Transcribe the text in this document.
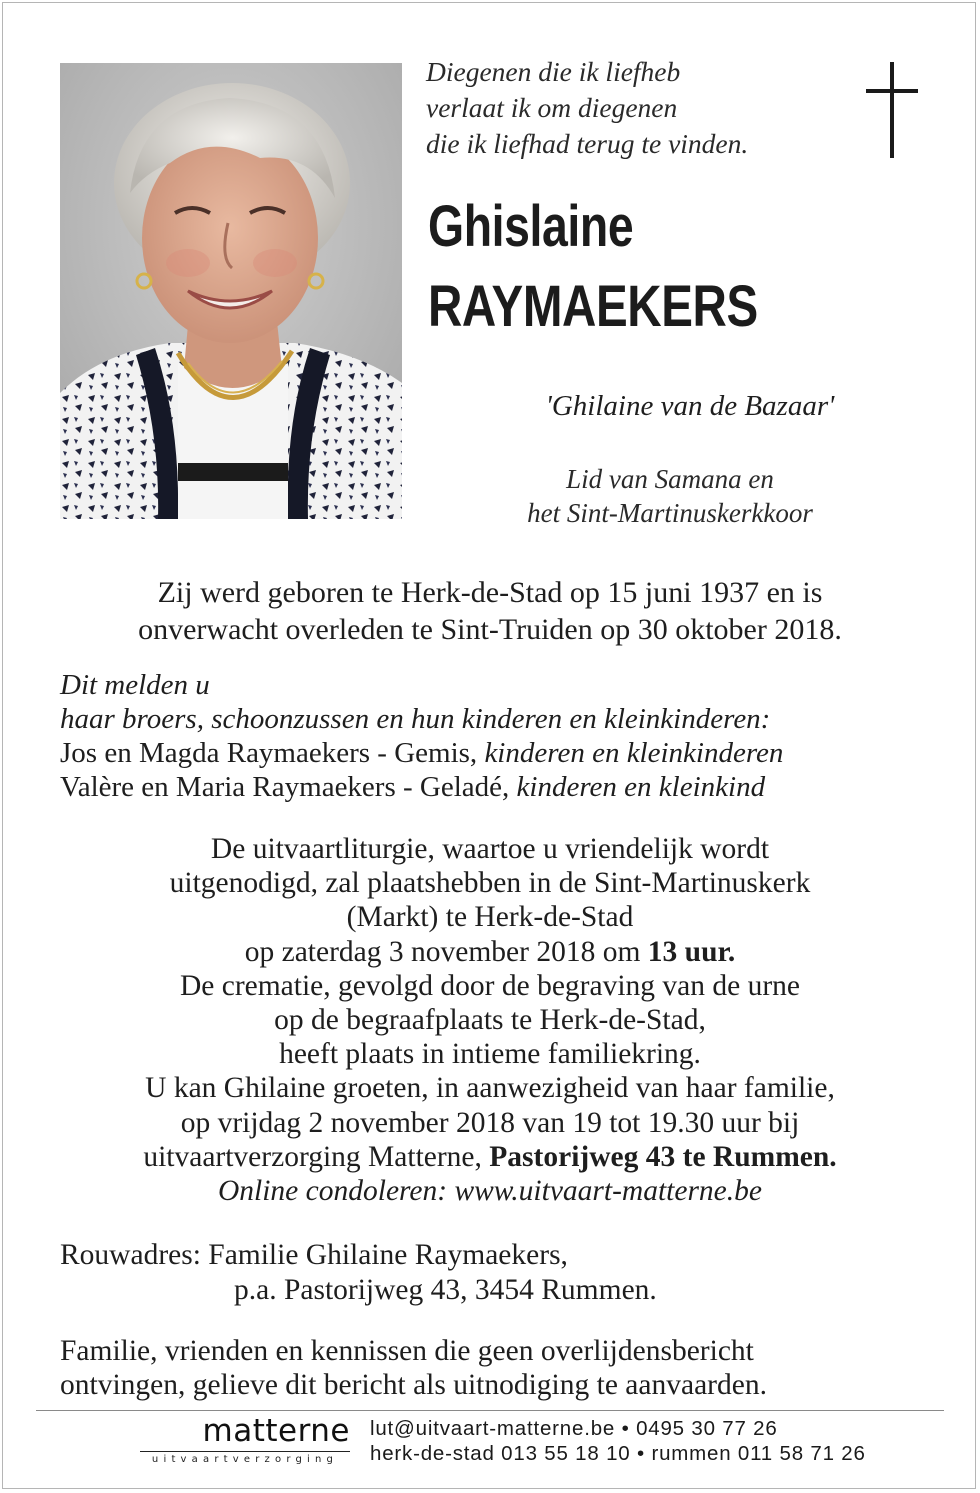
Diegenen die ik liefheb
verlaat ik om diegenen
die ik liefhad terug te vinden.
Ghislaine
RAYMAEKERS
'Ghilaine van de Bazaar'
Lid van Samana en
het Sint-Martinuskerkkoor
Zij werd geboren te Herk-de-Stad op 15 juni 1937 en is
onverwacht overleden te Sint-Truiden op 30 oktober 2018.
Dit melden u
haar broers, schoonzussen en hun kinderen en kleinkinderen:
Jos en Magda Raymaekers - Gemis, kinderen en kleinkinderen
Valère en Maria Raymaekers - Geladé, kinderen en kleinkind
De uitvaartliturgie, waartoe u vriendelijk wordt
uitgenodigd, zal plaatshebben in de Sint-Martinuskerk
(Markt) te Herk-de-Stad
op zaterdag 3 november 2018 om 13 uur.
De crematie, gevolgd door de begraving van de urne
op de begraafplaats te Herk-de-Stad,
heeft plaats in intieme familiekring.
U kan Ghilaine groeten, in aanwezigheid van haar familie,
op vrijdag 2 november 2018 van 19 tot 19.30 uur bij
uitvaartverzorging Matterne, Pastorijweg 43 te Rummen.
Online condoleren: www.uitvaart-matterne.be
Rouwadres: Familie Ghilaine Raymaekers,
p.a. Pastorijweg 43, 3454 Rummen.
Familie, vrienden en kennissen die geen overlijdensbericht
ontvingen, gelieve dit bericht als uitnodiging te aanvaarden.
matterne
uitvaartverzorging
lut@uitvaart-matterne.be • 0495 30 77 26
herk-de-stad 013 55 18 10 • rummen 011 58 71 26
